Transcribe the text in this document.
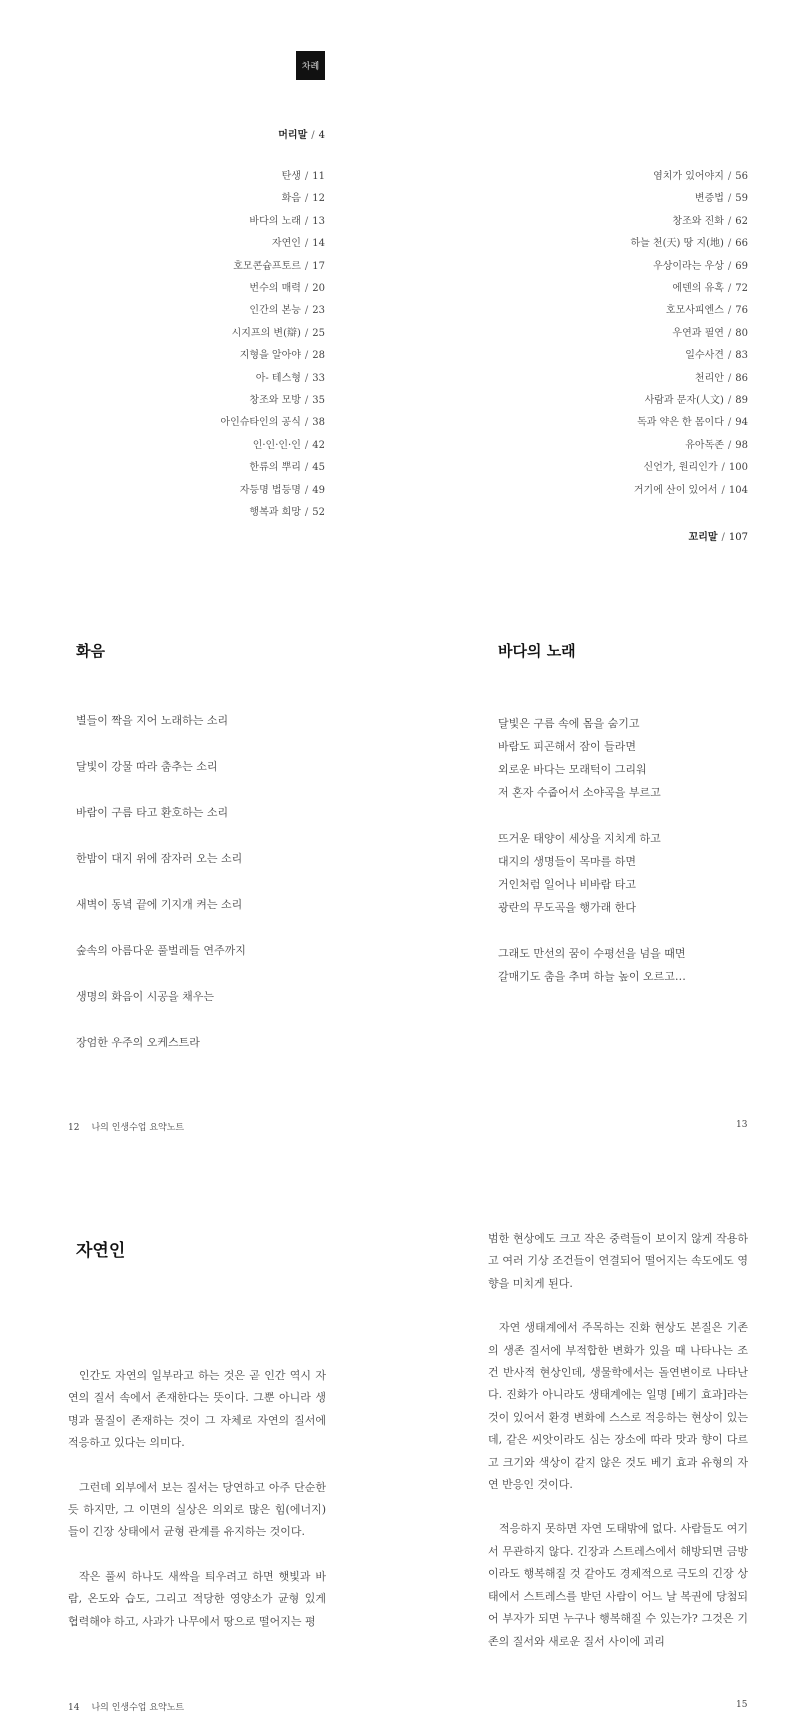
차례
머리말 / 4
탄생 / 11
화음 / 12
바다의 노래 / 13
자연인 / 14
호모콘슘프토르 / 17
번수의 매력 / 20
인간의 본능 / 23
시지프의 변(辯) / 25
지형을 알아야 / 28
아- 테스형 / 33
창조와 모방 / 35
아인슈타인의 공식 / 38
인·인·인·인 / 42
한류의 뿌리 / 45
자등명 법등명 / 49
행복과 희망 / 52
염치가 있어야지 / 56
변증법 / 59
창조와 진화 / 62
하늘 천(天) 땅 지(地) / 66
우상이라는 우상 / 69
에덴의 유혹 / 72
호모사피엔스 / 76
우연과 필연 / 80
일수사견 / 83
천리안 / 86
사람과 문자(人文) / 89
독과 약은 한 몸이다 / 94
유아독존 / 98
신언가, 원리인가 / 100
거기에 산이 있어서 / 104
꼬리말 / 107
화음
별들이 짝을 지어 노래하는 소리
달빛이 강물 따라 춤추는 소리
바람이 구름 타고 환호하는 소리
한밤이 대지 위에 잠자러 오는 소리
새벽이 동녘 끝에 기지개 켜는 소리
숲속의 아름다운 풀벌레들 연주까지
생명의 화음이 시공을 채우는
장엄한 우주의 오케스트라
바다의 노래
달빛은 구름 속에 몸을 숨기고
바람도 피곤해서 잠이 들라면
외로운 바다는 모래턱이 그리워
저 혼자 수줍어서 소야곡을 부르고
뜨거운 태양이 세상을 지치게 하고
대지의 생명들이 목마를 하면
거인처럼 일어나 비바람 타고
광란의 무도곡을 행가래 한다
그래도 만선의 꿈이 수평선을 넘을 때면
갈매기도 춤을 추며 하늘 높이 오르고…
12 나의 인생수업 요약노트	13
자연인

인간도 자연의 일부라고 하는 것은 곧 인간 역시 자연의 질서 속에서 존재한다는 뜻이다. 그뿐 아니라 생명과 물질이 존재하는 것이 그 자체로 자연의 질서에 적응하고 있다는 의미다.

그런데 외부에서 보는 질서는 당연하고 아주 단순한 듯 하지만, 그 이면의 실상은 의외로 많은 힘(에너지)들이 긴장 상태에서 균형 관계를 유지하는 것이다.

작은 풀씨 하나도 새싹을 틔우려고 하면 햇빛과 바람, 온도와 습도, 그리고 적당한 영양소가 균형 있게 협력해야 하고, 사과가 나무에서 땅으로 떨어지는 평

범한 현상에도 크고 작은 중력들이 보이지 않게 작용하고 여러 기상 조건들이 연결되어 떨어지는 속도에도 영향을 미치게 된다.

자연 생태계에서 주목하는 진화 현상도 본질은 기존의 생존 질서에 부적합한 변화가 있을 때 나타나는 조건 반사적 현상인데, 생물학에서는 돌연변이로 나타난다. 진화가 아니라도 생태계에는 일명 [베기 효과]라는 것이 있어서 환경 변화에 스스로 적응하는 현상이 있는데, 같은 씨앗이라도 심는 장소에 따라 맛과 향이 다르고 크기와 색상이 같지 않은 것도 베기 효과 유형의 자연 반응인 것이다.

적응하지 못하면 자연 도태밖에 없다. 사람들도 여기서 무관하지 않다. 긴장과 스트레스에서 해방되면 금방이라도 행복해질 것 같아도 경제적으로 극도의 긴장 상태에서 스트레스를 받던 사람이 어느 날 복권에 당첨되어 부자가 되면 누구나 행복해질 수 있는가? 그것은 기존의 질서와 새로운 질서 사이에 괴리

14 나의 인생수업 요약노트	15
